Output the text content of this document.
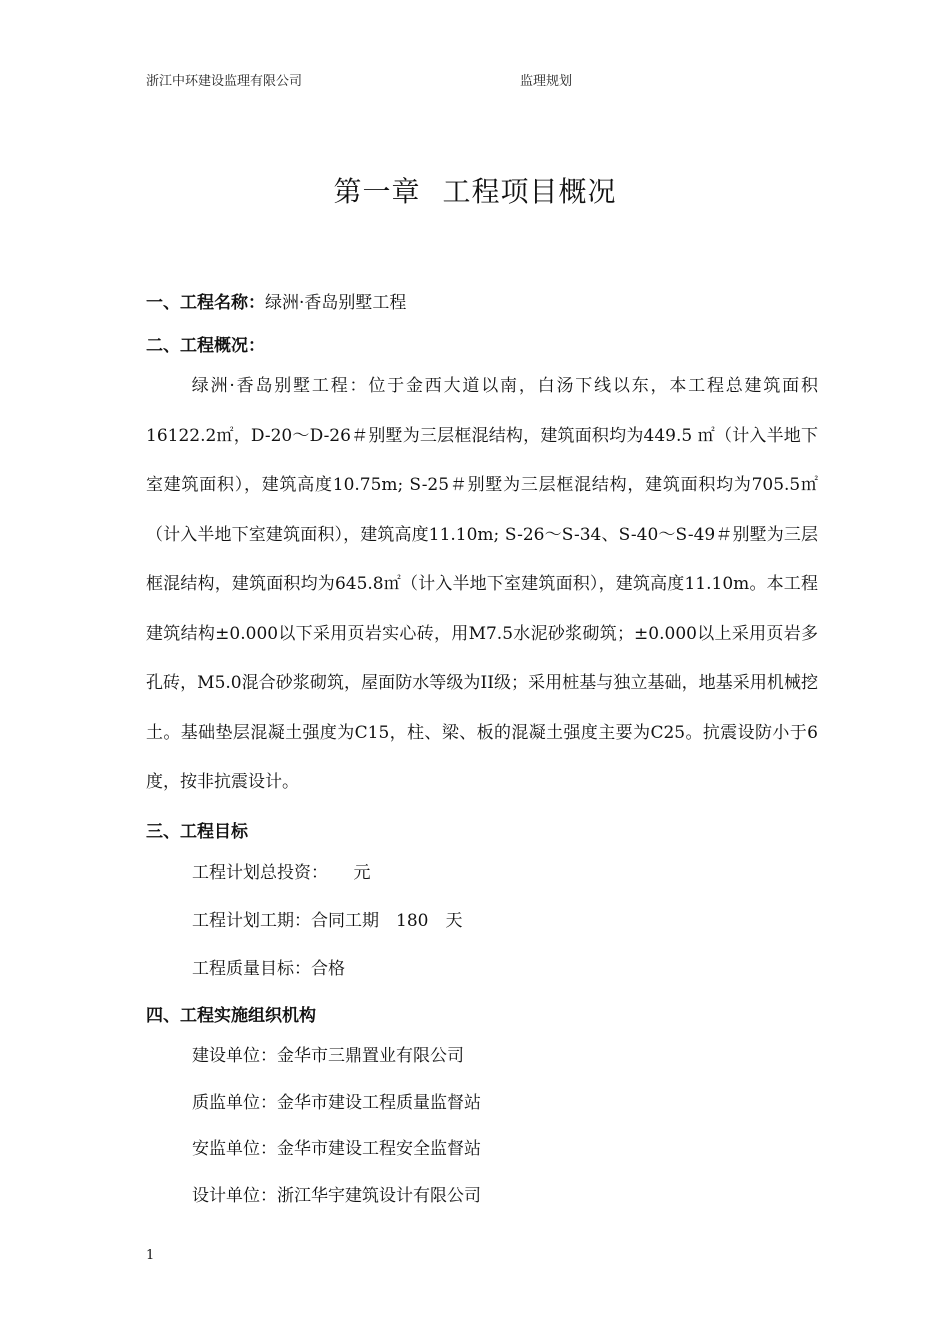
浙江中环建设监理有限公司	监理规划
第一章 工程项目概况
一、工程名称：绿洲·香岛别墅工程
二、工程概况：

绿洲·香岛别墅工程：位于金西大道以南，白汤下线以东，本工程总建筑面积16122.2㎡，D-20～D-26＃别墅为三层框混结构，建筑面积均为449.5 ㎡（计入半地下室建筑面积），建筑高度10.75m; S-25＃别墅为三层框混结构，建筑面积均为705.5㎡（计入半地下室建筑面积），建筑高度11.10m; S-26～S-34、S-40～S-49＃别墅为三层框混结构，建筑面积均为645.8㎡（计入半地下室建筑面积），建筑高度11.10m。本工程建筑结构±0.000以下采用页岩实心砖，用M7.5水泥砂浆砌筑；±0.000以上采用页岩多孔砖，M5.0混合砂浆砌筑，屋面防水等级为II级；采用桩基与独立基础，地基采用机械挖土。基础垫层混凝土强度为C15，柱、梁、板的混凝土强度主要为C25。抗震设防小于6度，按非抗震设计。

三、工程目标
工程计划总投资：　　元
工程计划工期：合同工期　180　天
工程质量目标：合格
四、工程实施组织机构
建设单位：金华市三鼎置业有限公司
质监单位：金华市建设工程质量监督站
安监单位：金华市建设工程安全监督站
设计单位：浙江华宇建筑设计有限公司
1
